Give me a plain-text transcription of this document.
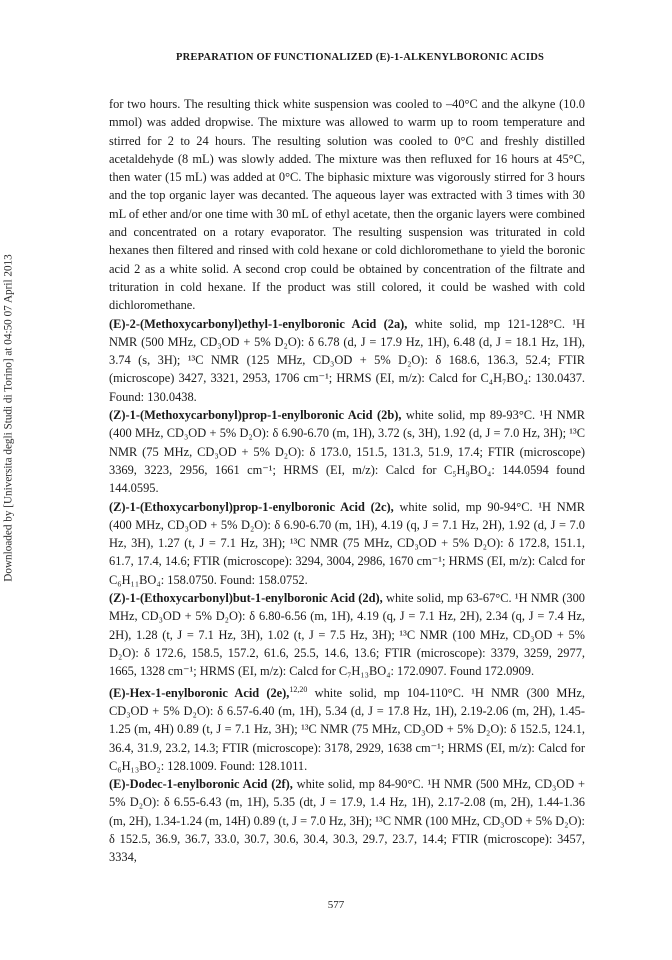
PREPARATION OF FUNCTIONALIZED (E)-1-ALKENYLBORONIC ACIDS
Downloaded by [Universita degli Studi di Torino] at 04:50 07 April 2013

for two hours. The resulting thick white suspension was cooled to –40°C and the alkyne (10.0 mmol) was added dropwise. The mixture was allowed to warm up to room temperature and stirred for 2 to 24 hours. The resulting solution was cooled to 0°C and freshly distilled acetaldehyde (8 mL) was slowly added. The mixture was then refluxed for 16 hours at 45°C, then water (15 mL) was added at 0°C. The biphasic mixture was vigorously stirred for 3 hours and the top organic layer was decanted. The aqueous layer was extracted with 3 times with 30 mL of ether and/or one time with 30 mL of ethyl acetate, then the organic layers were combined and concentrated on a rotary evaporator. The resulting suspension was triturated in cold hexanes then filtered and rinsed with cold hexane or cold dichloromethane to yield the boronic acid 2 as a white solid. A second crop could be obtained by concentration of the filtrate and trituration in cold hexane. If the product was still colored, it could be washed with cold dichloromethane.

(E)-2-(Methoxycarbonyl)ethyl-1-enylboronic Acid (2a), white solid, mp 121-128°C. ¹H NMR (500 MHz, CD₃OD + 5% D₂O): δ 6.78 (d, J = 17.9 Hz, 1H), 6.48 (d, J = 18.1 Hz, 1H), 3.74 (s, 3H); ¹³C NMR (125 MHz, CD₃OD + 5% D₂O): δ 168.6, 136.3, 52.4; FTIR (microscope) 3427, 3321, 2953, 1706 cm⁻¹; HRMS (EI, m/z): Calcd for C₄H₇BO₄: 130.0437. Found: 130.0438.

(Z)-1-(Methoxycarbonyl)prop-1-enylboronic Acid (2b), white solid, mp 89-93°C. ¹H NMR (400 MHz, CD₃OD + 5% D₂O): δ 6.90-6.70 (m, 1H), 3.72 (s, 3H), 1.92 (d, J = 7.0 Hz, 3H); ¹³C NMR (75 MHz, CD₃OD + 5% D₂O): δ 173.0, 151.5, 131.3, 51.9, 17.4; FTIR (microscope) 3369, 3223, 2956, 1661 cm⁻¹; HRMS (EI, m/z): Calcd for C₅H₉BO₄: 144.0594 found 144.0595.

(Z)-1-(Ethoxycarbonyl)prop-1-enylboronic Acid (2c), white solid, mp 90-94°C. ¹H NMR (400 MHz, CD₃OD + 5% D₂O): δ 6.90-6.70 (m, 1H), 4.19 (q, J = 7.1 Hz, 2H), 1.92 (d, J = 7.0 Hz, 3H), 1.27 (t, J = 7.1 Hz, 3H); ¹³C NMR (75 MHz, CD₃OD + 5% D₂O): δ 172.8, 151.1, 61.7, 17.4, 14.6; FTIR (microscope): 3294, 3004, 2986, 1670 cm⁻¹; HRMS (EI, m/z): Calcd for C₆H₁₁BO₄: 158.0750. Found: 158.0752.

(Z)-1-(Ethoxycarbonyl)but-1-enylboronic Acid (2d), white solid, mp 63-67°C. ¹H NMR (300 MHz, CD₃OD + 5% D₂O): δ 6.80-6.56 (m, 1H), 4.19 (q, J = 7.1 Hz, 2H), 2.34 (q, J = 7.4 Hz, 2H), 1.28 (t, J = 7.1 Hz, 3H), 1.02 (t, J = 7.5 Hz, 3H); ¹³C NMR (100 MHz, CD₃OD + 5% D₂O): δ 172.6, 158.5, 157.2, 61.6, 25.5, 14.6, 13.6; FTIR (microscope): 3379, 3259, 2977, 1665, 1328 cm⁻¹; HRMS (EI, m/z): Calcd for C₇H₁₃BO₄: 172.0907. Found 172.0909.

(E)-Hex-1-enylboronic Acid (2e),$^{12,20}$ white solid, mp 104-110°C. ¹H NMR (300 MHz, CD₃OD + 5% D₂O): δ 6.57-6.40 (m, 1H), 5.34 (d, J = 17.8 Hz, 1H), 2.19-2.06 (m, 2H), 1.45-1.25 (m, 4H) 0.89 (t, J = 7.1 Hz, 3H); ¹³C NMR (75 MHz, CD₃OD + 5% D₂O): δ 152.5, 124.1, 36.4, 31.9, 23.2, 14.3; FTIR (microscope): 3178, 2929, 1638 cm⁻¹; HRMS (EI, m/z): Calcd for C₆H₁₃BO₂: 128.1009. Found: 128.1011.

(E)-Dodec-1-enylboronic Acid (2f), white solid, mp 84-90°C. ¹H NMR (500 MHz, CD₃OD + 5% D₂O): δ 6.55-6.43 (m, 1H), 5.35 (dt, J = 17.9, 1.4 Hz, 1H), 2.17-2.08 (m, 2H), 1.44-1.36 (m, 2H), 1.34-1.24 (m, 14H) 0.89 (t, J = 7.0 Hz, 3H); ¹³C NMR (100 MHz, CD₃OD + 5% D₂O): δ 152.5, 36.9, 36.7, 33.0, 30.7, 30.6, 30.4, 30.3, 29.7, 23.7, 14.4; FTIR (microscope): 3457, 3334,

577
